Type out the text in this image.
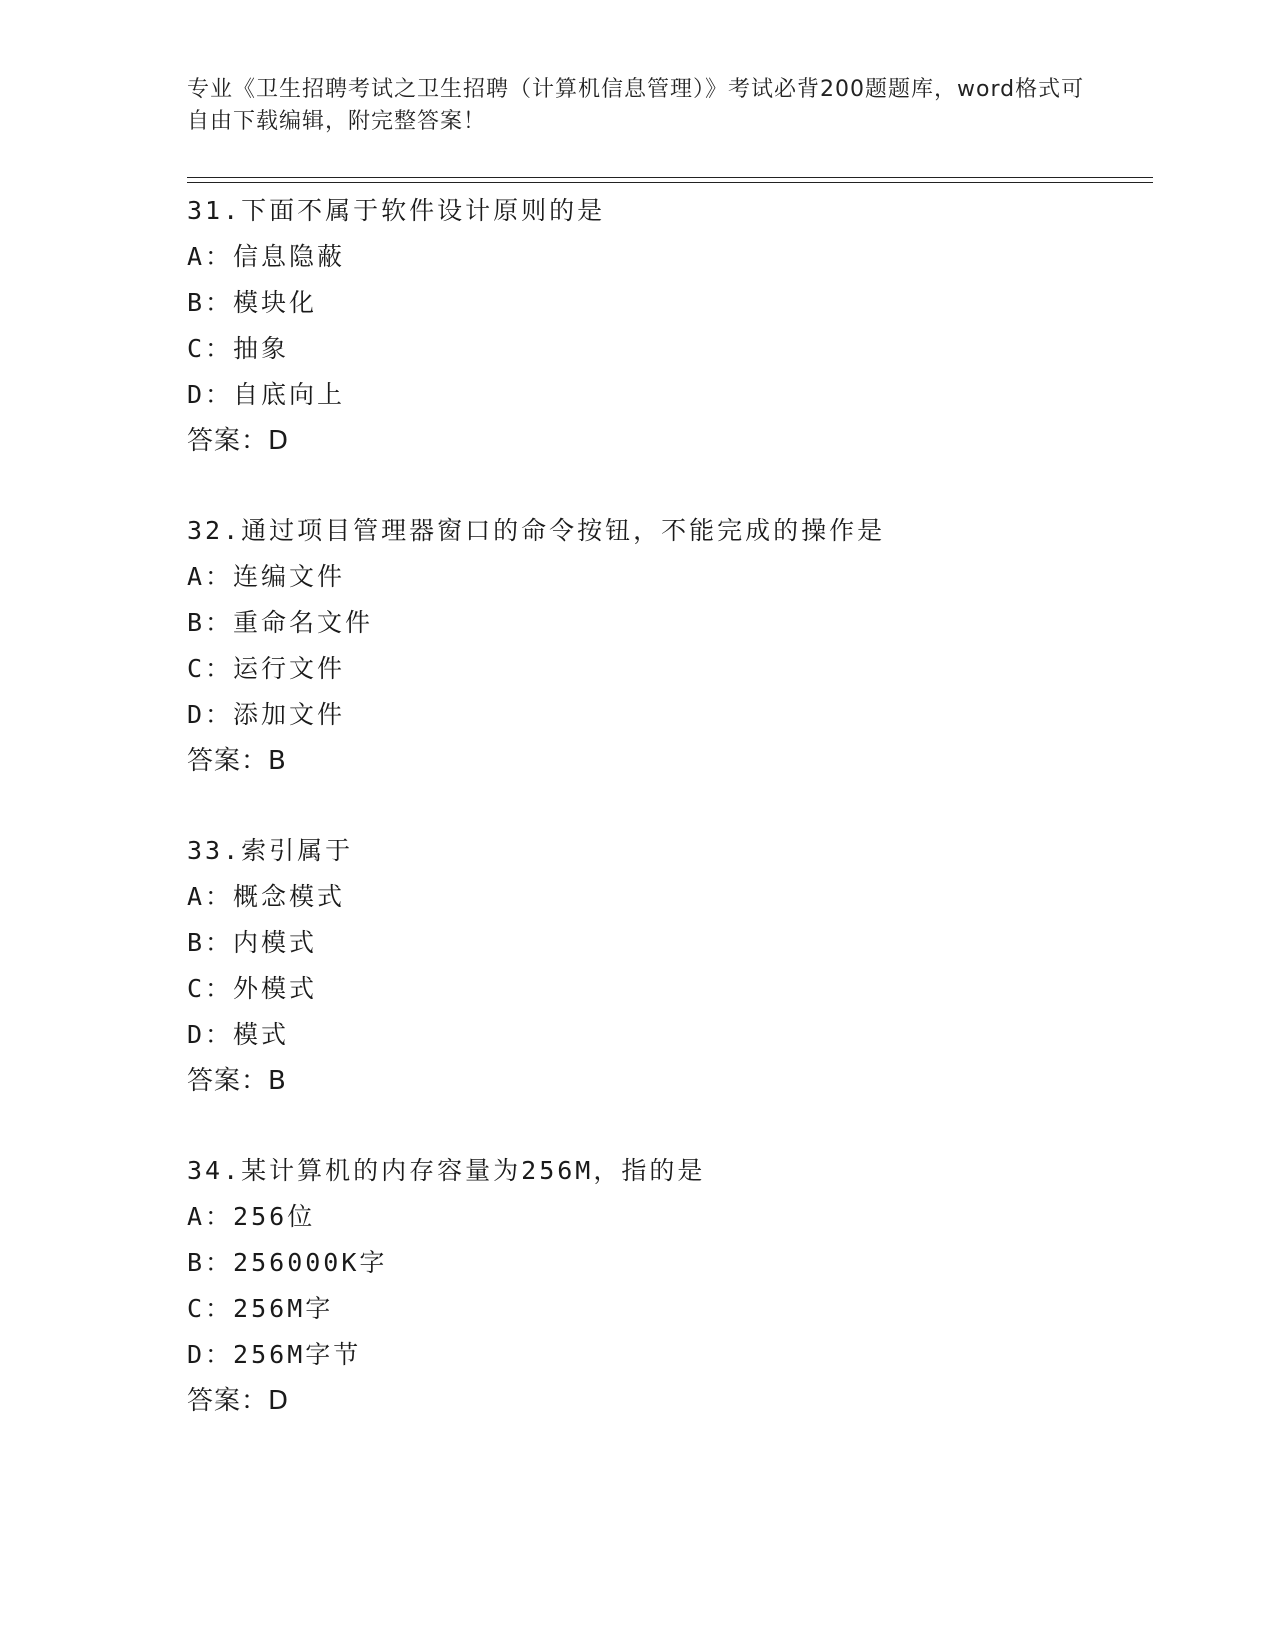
专业《卫生招聘考试之卫生招聘（计算机信息管理）》考试必背200题题库，word格式可自由下载编辑，附完整答案！
31.下面不属于软件设计原则的是
A：信息隐蔽
B：模块化
C：抽象
D：自底向上
答案：D
32.通过项目管理器窗口的命令按钮，不能完成的操作是
A：连编文件
B：重命名文件
C：运行文件
D：添加文件
答案：B
33.索引属于
A：概念模式
B：内模式
C：外模式
D：模式
答案：B
34.某计算机的内存容量为256M，指的是
A：256位
B：256000K字
C：256M字
D：256M字节
答案：D
